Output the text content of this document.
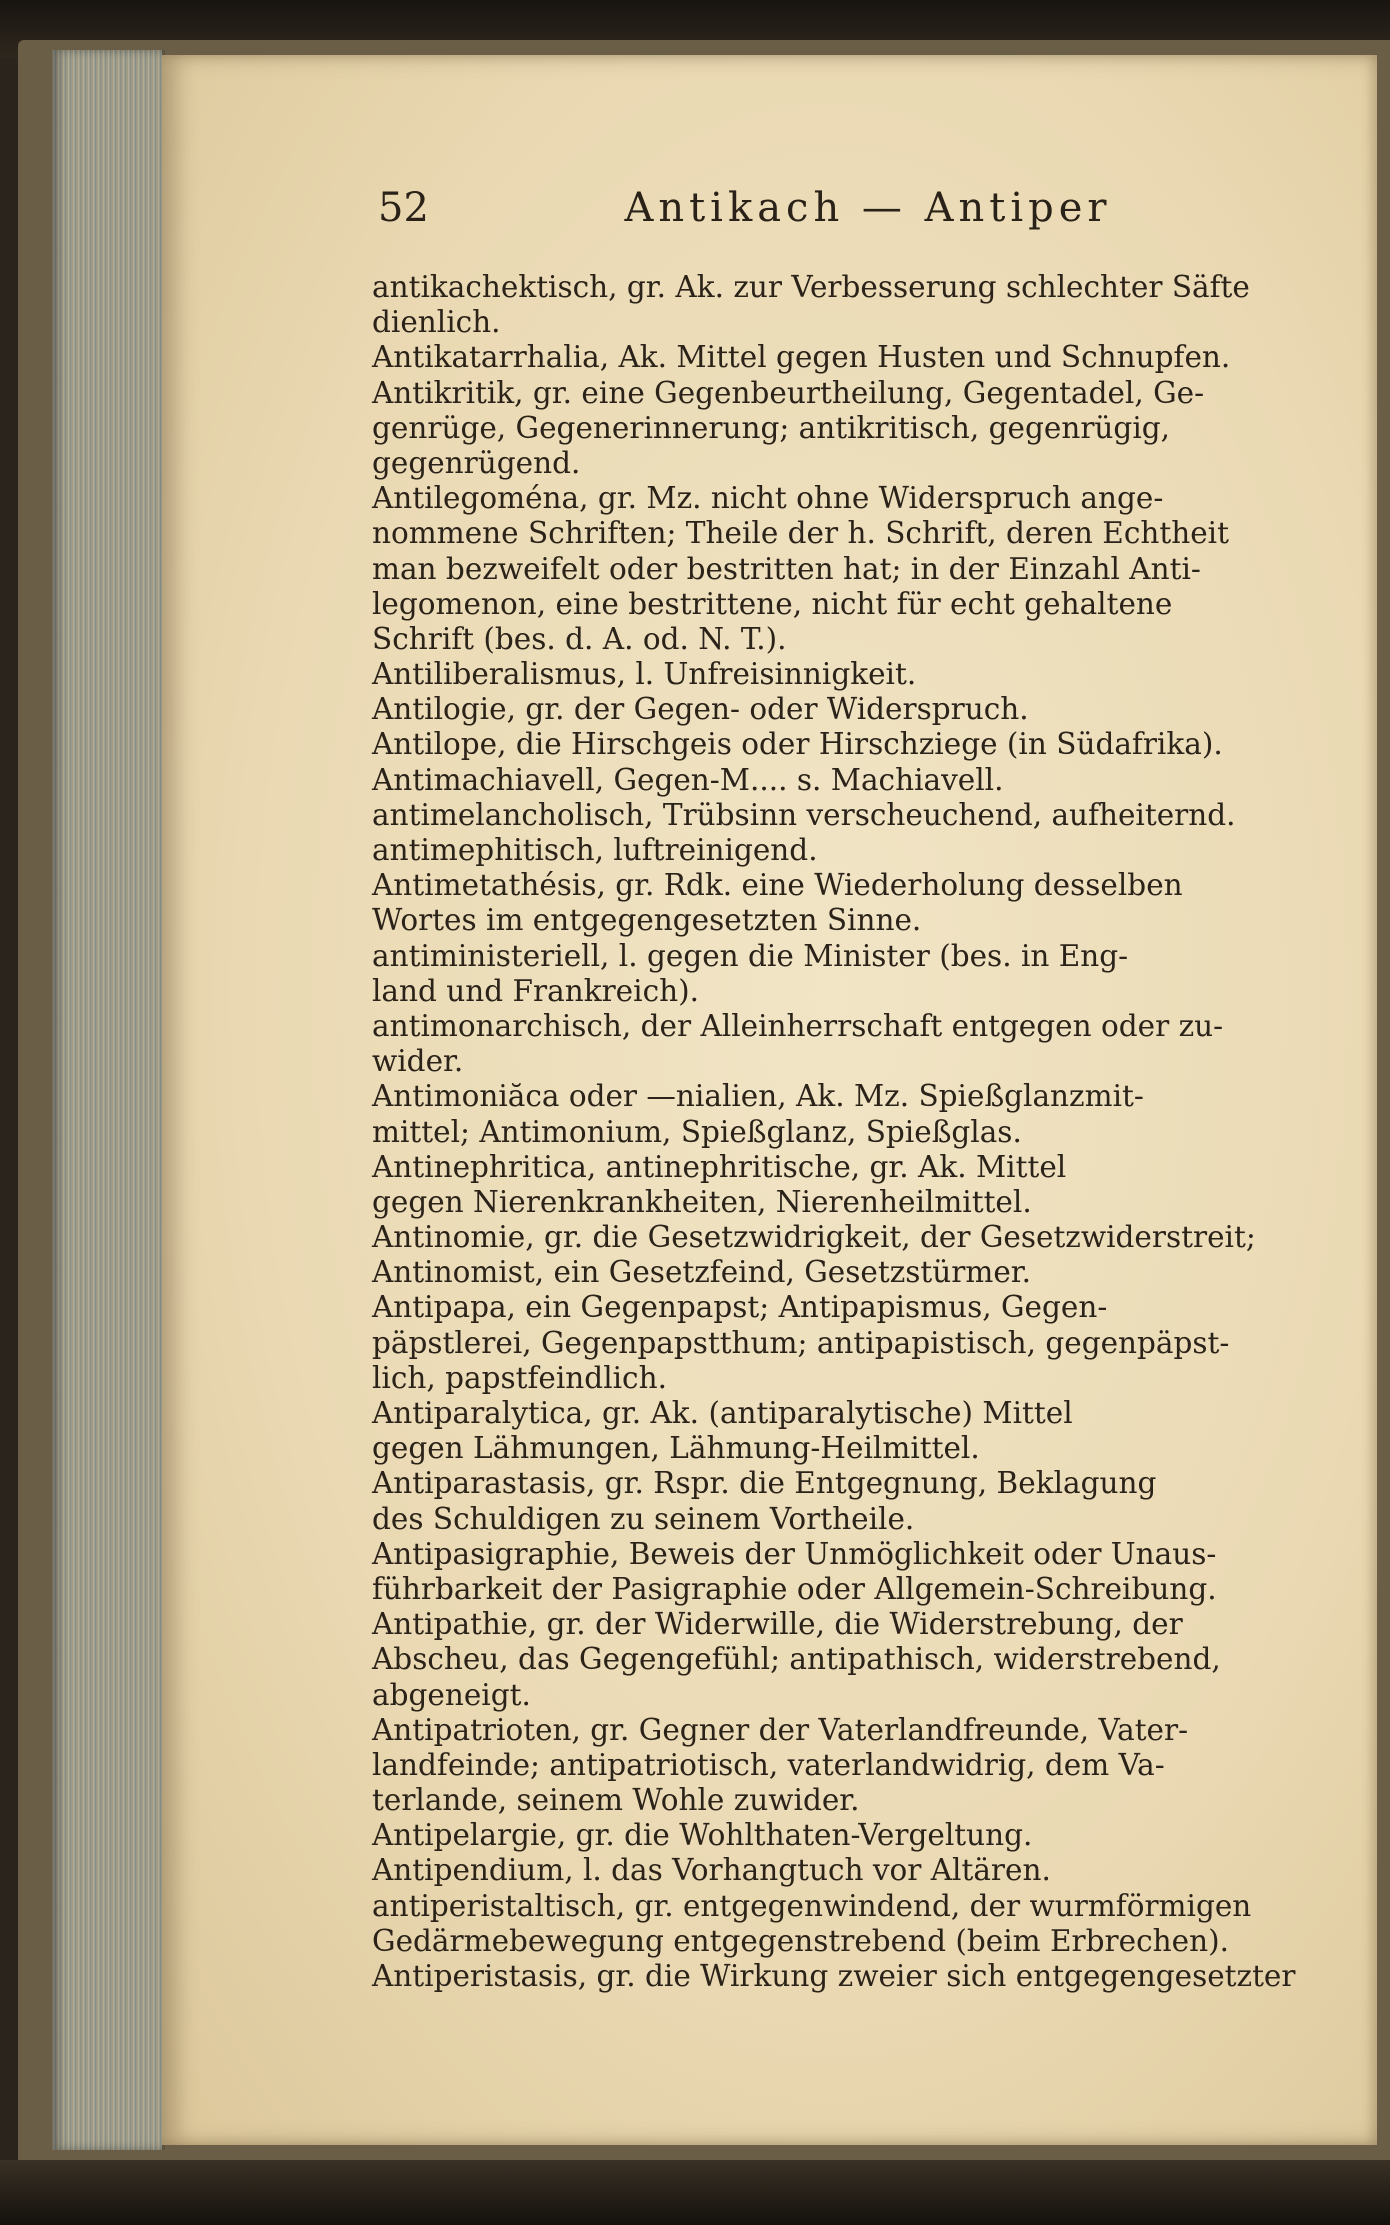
52	Antikach — Antiper
antikachektisch, gr. Ak. zur Verbesserung schlechter Säfte
dienlich.
Antikatarrhalia, Ak. Mittel gegen Husten und Schnupfen.
Antikritik, gr. eine Gegenbeurtheilung, Gegentadel, Ge-
genrüge, Gegenerinnerung; antikritisch, gegenrügig,
gegenrügend.
Antilegoména, gr. Mz. nicht ohne Widerspruch ange-
nommene Schriften; Theile der h. Schrift, deren Echtheit
man bezweifelt oder bestritten hat; in der Einzahl Anti-
legomenon, eine bestrittene, nicht für echt gehaltene
Schrift (bes. d. A. od. N. T.).
Antiliberalismus, l. Unfreisinnigkeit.
Antilogie, gr. der Gegen- oder Widerspruch.
Antilope, die Hirschgeis oder Hirschziege (in Südafrika).
Antimachiavell, Gegen-M.... s. Machiavell.
antimelancholisch, Trübsinn verscheuchend, aufheiternd.
antimephitisch, luftreinigend.
Antimetathésis, gr. Rdk. eine Wiederholung desselben
Wortes im entgegengesetzten Sinne.
antiministeriell, l. gegen die Minister (bes. in Eng-
land und Frankreich).
antimonarchisch, der Alleinherrschaft entgegen oder zu-
wider.
Antimoniăca oder —nialien, Ak. Mz. Spießglanzmit-
mittel; Antimonium, Spießglanz, Spießglas.
Antinephritica, antinephritische, gr. Ak. Mittel
gegen Nierenkrankheiten, Nierenheilmittel.
Antinomie, gr. die Gesetzwidrigkeit, der Gesetzwiderstreit;
Antinomist, ein Gesetzfeind, Gesetzstürmer.
Antipapa, ein Gegenpapst; Antipapismus, Gegen-
päpstlerei, Gegenpapstthum; antipapistisch, gegenpäpst-
lich, papstfeindlich.
Antiparalytica, gr. Ak. (antiparalytische) Mittel
gegen Lähmungen, Lähmung-Heilmittel.
Antiparastasis, gr. Rspr. die Entgegnung, Beklagung
des Schuldigen zu seinem Vortheile.
Antipasigraphie, Beweis der Unmöglichkeit oder Unaus-
führbarkeit der Pasigraphie oder Allgemein-Schreibung.
Antipathie, gr. der Widerwille, die Widerstrebung, der
Abscheu, das Gegengefühl; antipathisch, widerstrebend,
abgeneigt.
Antipatrioten, gr. Gegner der Vaterlandfreunde, Vater-
landfeinde; antipatriotisch, vaterlandwidrig, dem Va-
terlande, seinem Wohle zuwider.
Antipelargie, gr. die Wohlthaten-Vergeltung.
Antipendium, l. das Vorhangtuch vor Altären.
antiperistaltisch, gr. entgegenwindend, der wurmförmigen
Gedärmebewegung entgegenstrebend (beim Erbrechen).
Antiperistasis, gr. die Wirkung zweier sich entgegengesetzter
